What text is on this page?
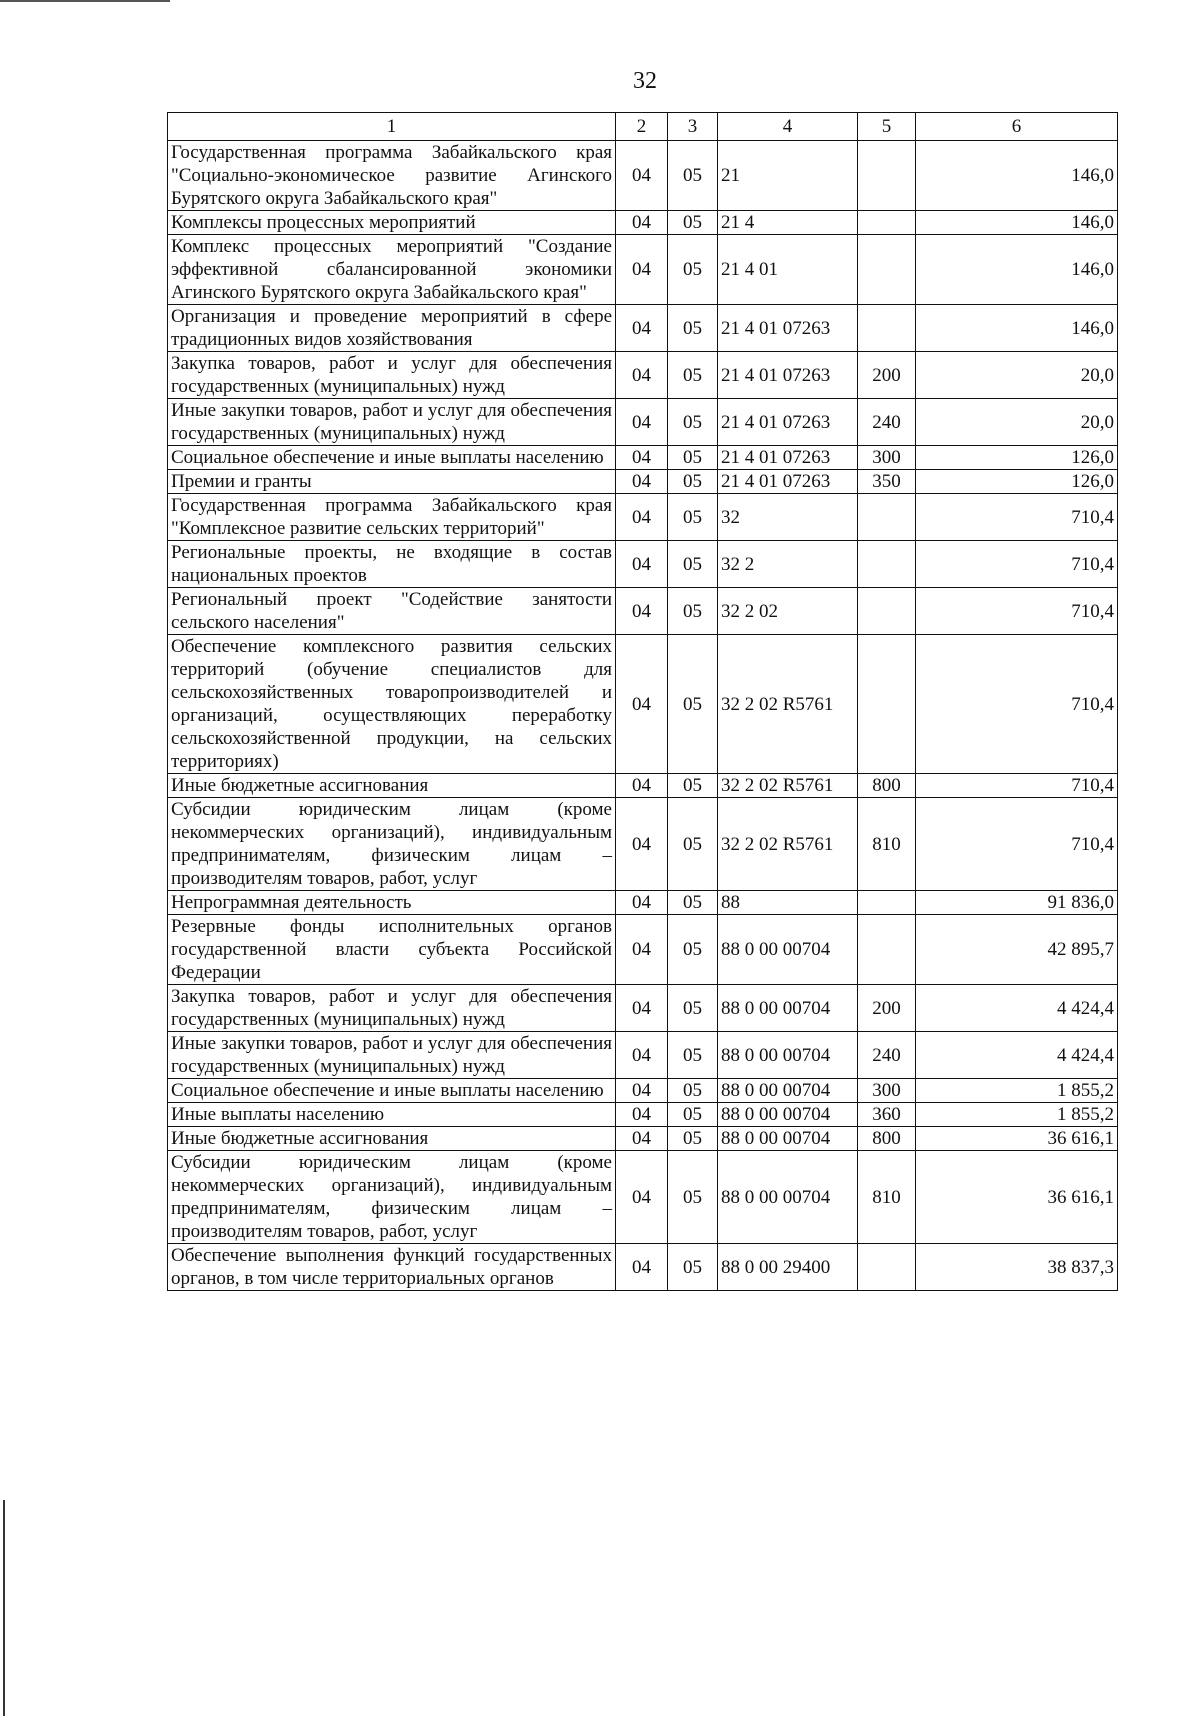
32
1	2	3	4	5	6
Государственная программа Забайкальского края "Социально-экономическое развитие Агинского Бурятского округа Забайкальского края"	04	05	21		146,0
Комплексы процессных мероприятий	04	05	21 4		146,0
Комплекс процессных мероприятий "Создание эффективной сбалансированной экономики Агинского Бурятского округа Забайкальского края"	04	05	21 4 01		146,0
Организация и проведение мероприятий в сфере традиционных видов хозяйствования	04	05	21 4 01 07263		146,0
Закупка товаров, работ и услуг для обеспечения государственных (муниципальных) нужд	04	05	21 4 01 07263	200	20,0
Иные закупки товаров, работ и услуг для обеспечения государственных (муниципальных) нужд	04	05	21 4 01 07263	240	20,0
Социальное обеспечение и иные выплаты населению	04	05	21 4 01 07263	300	126,0
Премии и гранты	04	05	21 4 01 07263	350	126,0
Государственная программа Забайкальского края "Комплексное развитие сельских территорий"	04	05	32		710,4
Региональные проекты, не входящие в состав национальных проектов	04	05	32 2		710,4
Региональный проект "Содействие занятости сельского населения"	04	05	32 2 02		710,4
Обеспечение комплексного развития сельских территорий (обучение специалистов для сельскохозяйственных товаропроизводителей и организаций, осуществляющих переработку сельскохозяйственной продукции, на сельских территориях)	04	05	32 2 02 R5761		710,4
Иные бюджетные ассигнования	04	05	32 2 02 R5761	800	710,4
Субсидии юридическим лицам (кроме некоммерческих организаций), индивидуальным предпринимателям, физическим лицам – производителям товаров, работ, услуг	04	05	32 2 02 R5761	810	710,4
Непрограммная деятельность	04	05	88		91 836,0
Резервные фонды исполнительных органов государственной власти субъекта Российской Федерации	04	05	88 0 00 00704		42 895,7
Закупка товаров, работ и услуг для обеспечения государственных (муниципальных) нужд	04	05	88 0 00 00704	200	4 424,4
Иные закупки товаров, работ и услуг для обеспечения государственных (муниципальных) нужд	04	05	88 0 00 00704	240	4 424,4
Социальное обеспечение и иные выплаты населению	04	05	88 0 00 00704	300	1 855,2
Иные выплаты населению	04	05	88 0 00 00704	360	1 855,2
Иные бюджетные ассигнования	04	05	88 0 00 00704	800	36 616,1
Субсидии юридическим лицам (кроме некоммерческих организаций), индивидуальным предпринимателям, физическим лицам – производителям товаров, работ, услуг	04	05	88 0 00 00704	810	36 616,1
Обеспечение выполнения функций государственных органов, в том числе территориальных органов	04	05	88 0 00 29400		38 837,3
